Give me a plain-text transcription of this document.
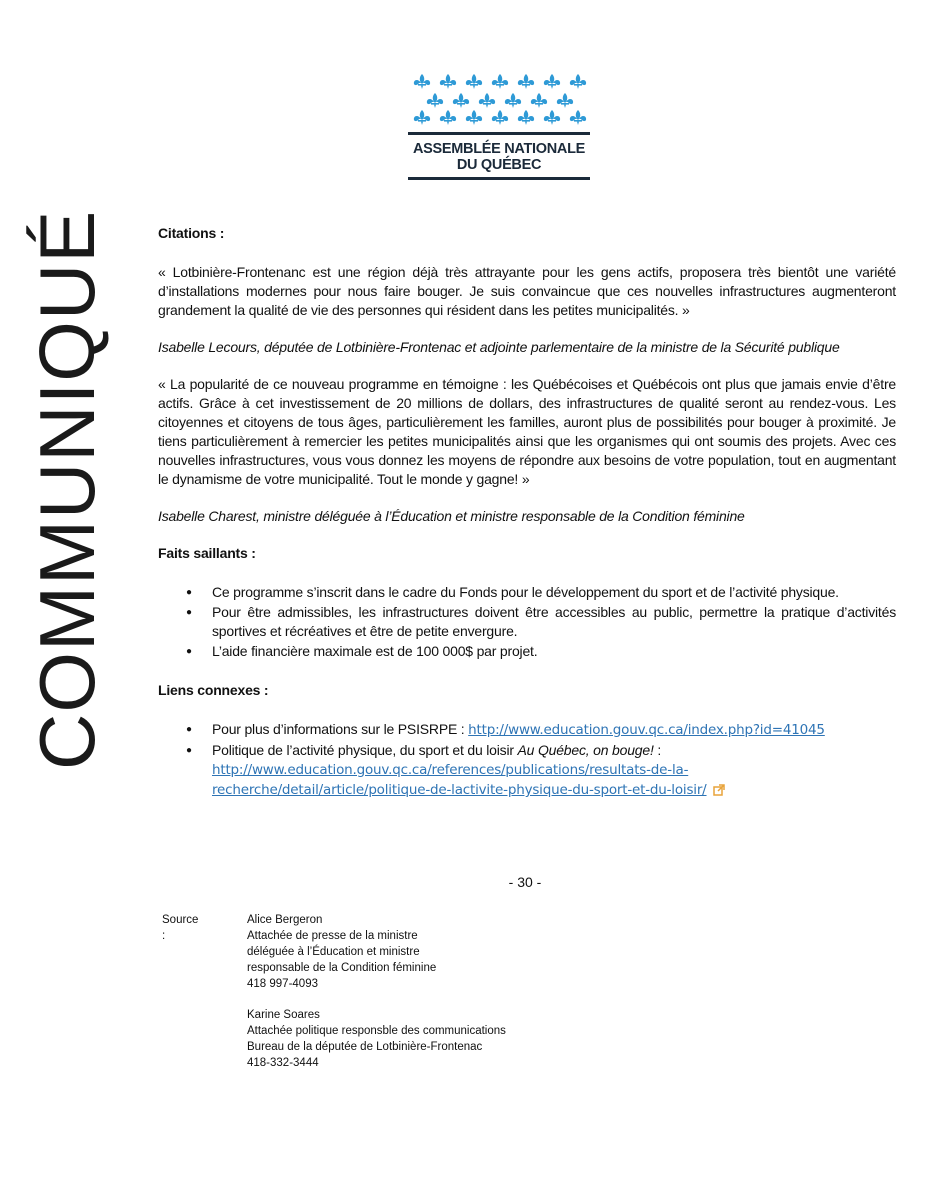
ASSEMBLÉE NATIONALE
DU QUÉBEC
COMMUNIQUÉ	Citations :

« Lotbinière-Frontenanc est une région déjà très attrayante pour les gens actifs, proposera très bientôt une variété d’installations modernes pour nous faire bouger. Je suis convaincue que ces nouvelles infrastructures augmenteront grandement la qualité de vie des personnes qui résident dans les petites municipalités. »

Isabelle Lecours, députée de Lotbinière-Frontenac et adjointe parlementaire de la ministre de la Sécurité publique

« La popularité de ce nouveau programme en témoigne : les Québécoises et Québécois ont plus que jamais envie d’être actifs. Grâce à cet investissement de 20 millions de dollars, des infrastructures de qualité seront au rendez-vous. Les citoyennes et citoyens de tous âges, particulièrement les familles, auront plus de possibilités pour bouger à proximité. Je tiens particulièrement à remercier les petites municipalités ainsi que les organismes qui ont soumis des projets. Avec ces nouvelles infrastructures, vous vous donnez les moyens de répondre aux besoins de votre population, tout en augmentant le dynamisme de votre municipalité. Tout le monde y gagne! »

Isabelle Charest, ministre déléguée à l’Éducation et ministre responsable de la Condition féminine

Faits saillants :

● Ce programme s’inscrit dans le cadre du Fonds pour le développement du sport et de l’activité physique.
● Pour être admissibles, les infrastructures doivent être accessibles au public, permettre la pratique d’activités sportives et récréatives et être de petite envergure.
● L’aide financière maximale est de 100 000$ par projet.

Liens connexes :

● Pour plus d’informations sur le PSISRPE : http://www.education.gouv.qc.ca/index.php?id=41045
● Politique de l’activité physique, du sport et du loisir Au Québec, on bouge! :
http://www.education.gouv.qc.ca/references/publications/resultats-de-la-
recherche/detail/article/politique-de-lactivite-physique-du-sport-et-du-loisir/
- 30 -
Source :
Alice Bergeron
Attachée de presse de la ministre
déléguée à l’Éducation et ministre
responsable de la Condition féminine
418 997-4093
Karine Soares
Attachée politique responsble des communications
Bureau de la députée de Lotbinière-Frontenac
418-332-3444
